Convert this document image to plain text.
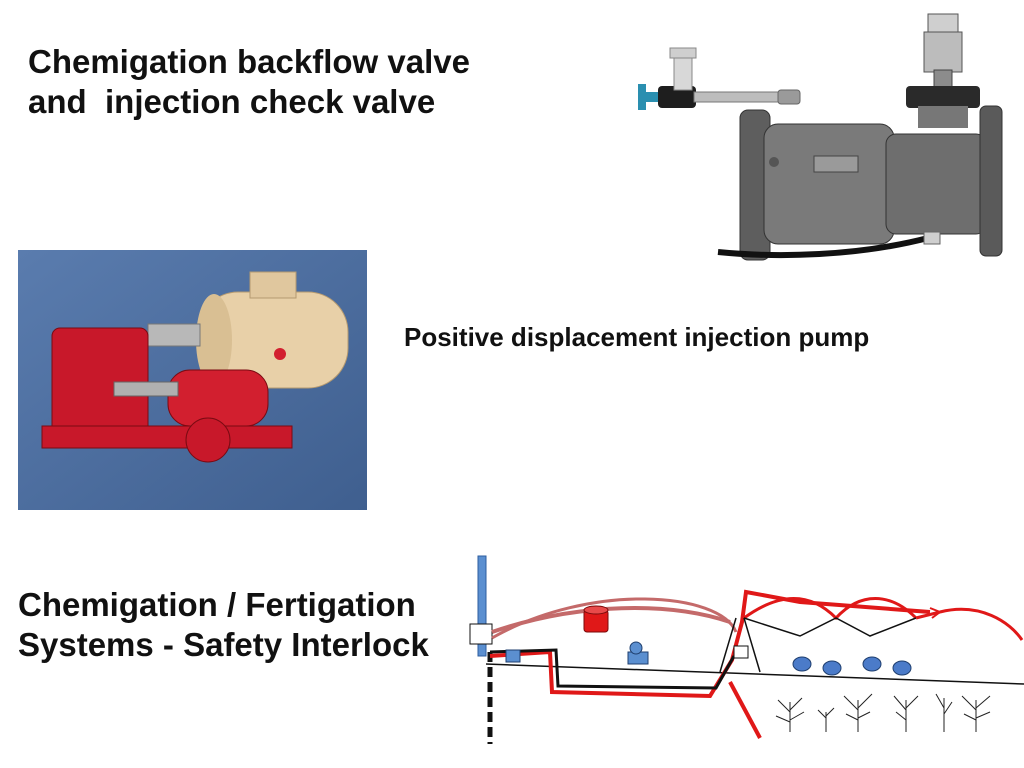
Chemigation backflow valve
and  injection check valve
Positive displacement injection pump
Chemigation / Fertigation
Systems - Safety Interlock
